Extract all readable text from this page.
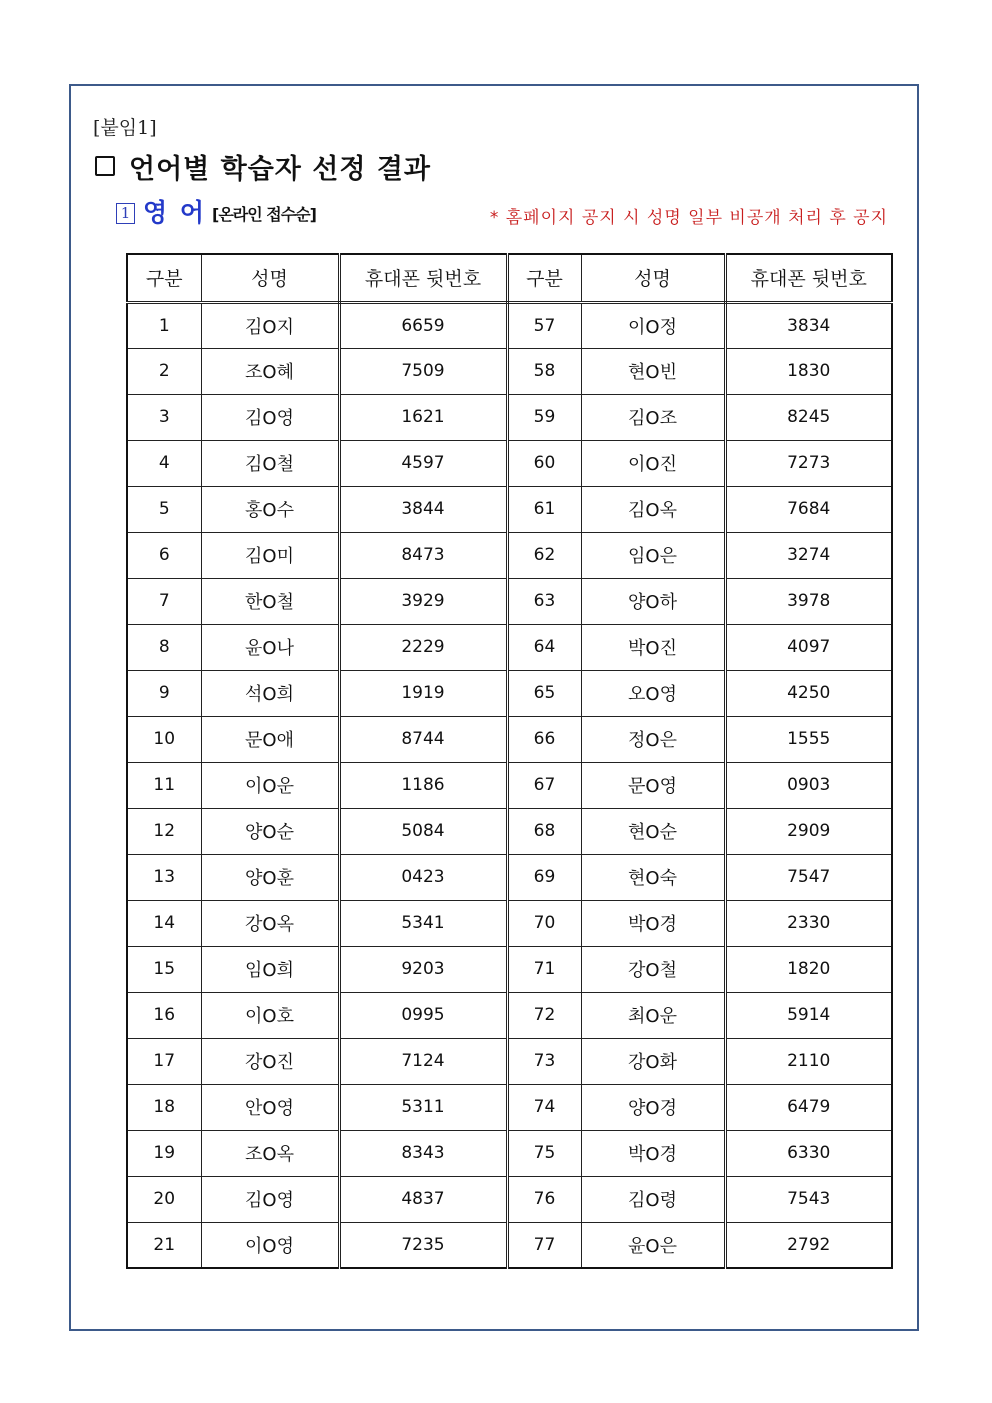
[붙임1]
언어별 학습자 선정 결과
1 영 어 [온라인 접수순]	* 홈페이지 공지 시 성명 일부 비공개 처리 후 공지
구분	성명	휴대폰 뒷번호	구분	성명	휴대폰 뒷번호
1	김O지	6659	57	이O정	3834
2	조O혜	7509	58	현O빈	1830
3	김O영	1621	59	김O조	8245
4	김O철	4597	60	이O진	7273
5	홍O수	3844	61	김O옥	7684
6	김O미	8473	62	임O은	3274
7	한O철	3929	63	양O하	3978
8	윤O나	2229	64	박O진	4097
9	석O희	1919	65	오O영	4250
10	문O애	8744	66	정O은	1555
11	이O운	1186	67	문O영	0903
12	양O순	5084	68	현O순	2909
13	양O훈	0423	69	현O숙	7547
14	강O옥	5341	70	박O경	2330
15	임O희	9203	71	강O철	1820
16	이O호	0995	72	최O운	5914
17	강O진	7124	73	강O화	2110
18	안O영	5311	74	양O경	6479
19	조O옥	8343	75	박O경	6330
20	김O영	4837	76	김O령	7543
21	이O영	7235	77	윤O은	2792
